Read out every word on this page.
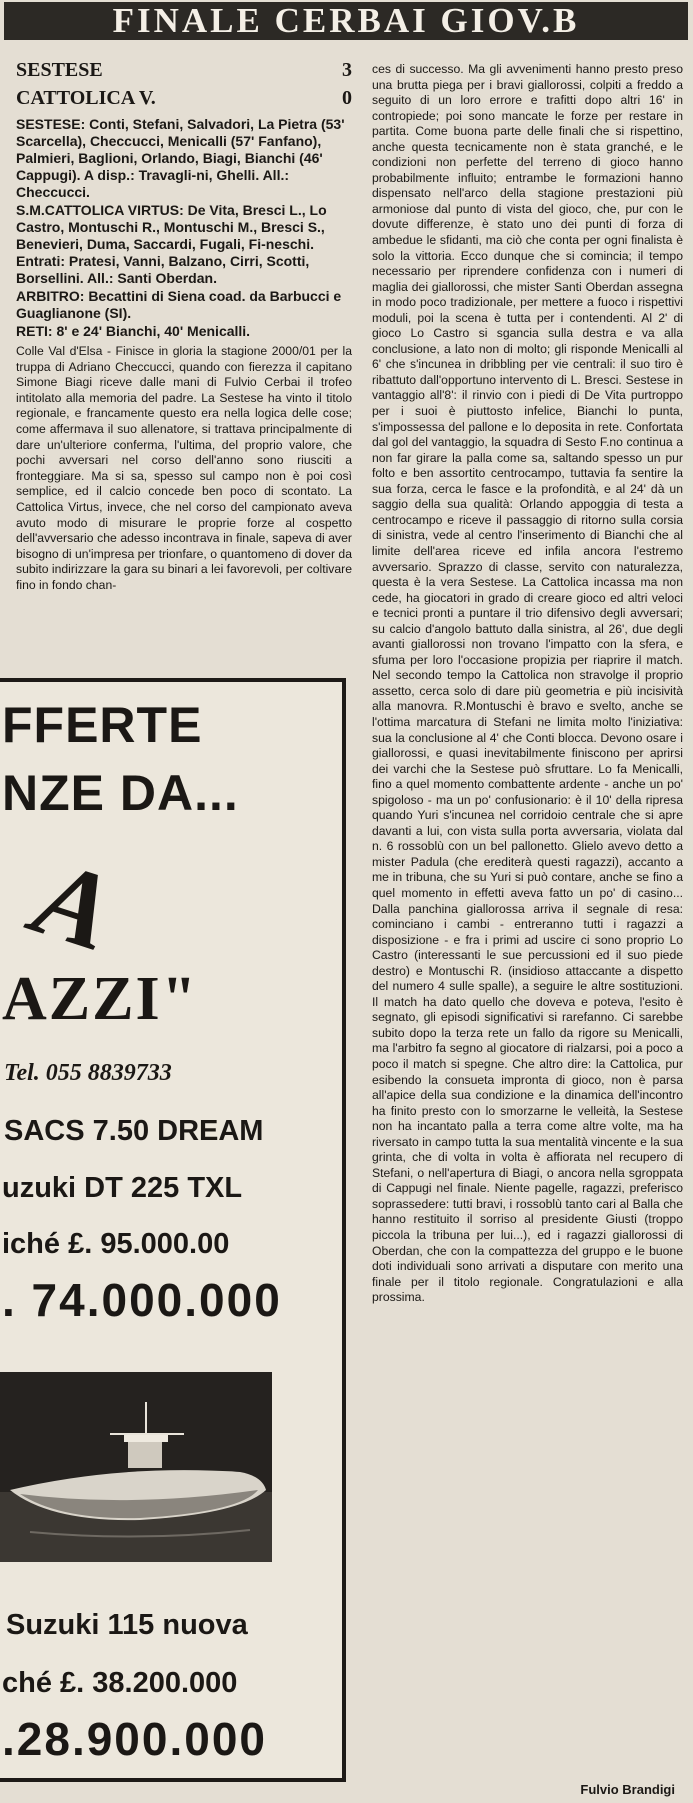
FINALE CERBAI GIOV.B
SESTESE	3
CATTOLICA V.	0

SESTESE: Conti, Stefani, Salvadori, La Pietra (53' Scarcella), Checcucci, Menicalli (57' Fanfano), Palmieri, Baglioni, Orlando, Biagi, Bianchi (46' Cappugi). A disp.: Travagli-ni, Ghelli. All.: Checcucci.

S.M.CATTOLICA VIRTUS: De Vita, Bresci L., Lo Castro, Montuschi R., Montuschi M., Bresci S., Benevieri, Duma, Saccardi, Fugali, Fi-neschi. Entrati: Pratesi, Vanni, Balzano, Cirri, Scotti, Borsellini. All.: Santi Oberdan.

ARBITRO: Becattini di Siena coad. da Barbucci e Guaglianone (SI).

RETI: 8' e 24' Bianchi, 40' Menicalli.

Colle Val d'Elsa - Finisce in gloria la stagione 2000/01 per la truppa di Adriano Checcucci, quando con fierezza il capitano Simone Biagi riceve dalle mani di Fulvio Cerbai il trofeo intitolato alla memoria del padre. La Sestese ha vinto il titolo regionale, e francamente questo era nella logica delle cose; come affermava il suo allenatore, si trattava principalmente di dare un'ulteriore conferma, l'ultima, del proprio valore, che pochi avversari nel corso dell'anno sono riusciti a fronteggiare. Ma si sa, spesso sul campo non è poi così semplice, ed il calcio concede ben poco di scontato. La Cattolica Virtus, invece, che nel corso del campionato aveva avuto modo di misurare le proprie forze al cospetto dell'avversario che adesso incontrava in finale, sapeva di aver bisogno di un'impresa per trionfare, o quantomeno di dover da subito indirizzare la gara su binari a lei favorevoli, per coltivare fino in fondo chan-
ces di successo. Ma gli avvenimenti hanno presto preso una brutta piega per i bravi giallorossi, colpiti a freddo a seguito di un loro errore e trafitti dopo altri 16' in contropiede; poi sono mancate le forze per restare in partita. Come buona parte delle finali che si rispettino, anche questa tecnicamente non è stata granché, e le condizioni non perfette del terreno di gioco hanno probabilmente influito; entrambe le formazioni hanno dispensato nell'arco della stagione prestazioni più armoniose dal punto di vista del gioco, che, pur con le dovute differenze, è stato uno dei punti di forza di ambedue le sfidanti, ma ciò che conta per ogni finalista è solo la vittoria. Ecco dunque che si comincia; il tempo necessario per riprendere confidenza con i numeri di maglia dei giallorossi, che mister Santi Oberdan assegna in modo poco tradizionale, per mettere a fuoco i rispettivi moduli, poi la scena è tutta per i contendenti. Al 2' di gioco Lo Castro si sgancia sulla destra e va alla conclusione, a lato non di molto; gli risponde Menicalli al 6' che s'incunea in dribbling per vie centrali: il suo tiro è ribattuto dall'opportuno intervento di L. Bresci. Sestese in vantaggio all'8': il rinvio con i piedi di De Vita purtroppo per i suoi è piuttosto infelice, Bianchi lo punta, s'impossessa del pallone e lo deposita in rete. Confortata dal gol del vantaggio, la squadra di Sesto F.no continua a non far girare la palla come sa, saltando spesso un pur folto e ben assortito centrocampo, tuttavia fa sentire la sua forza, cerca le fasce e la profondità, e al 24' dà un saggio della sua qualità: Orlando appoggia di testa a centrocampo e riceve il passaggio di ritorno sulla corsia di sinistra, vede al centro l'inserimento di Bianchi che al limite dell'area riceve ed infila ancora l'estremo avversario. Sprazzo di classe, servito con naturalezza, questa è la vera Sestese. La Cattolica incassa ma non cede, ha giocatori in grado di creare gioco ed altri veloci e tecnici pronti a puntare il trio difensivo degli avversari; su calcio d'angolo battuto dalla sinistra, al 26', due degli avanti giallorossi non trovano l'impatto con la sfera, e sfuma per loro l'occasione propizia per riaprire il match. Nel secondo tempo la Cattolica non stravolge il proprio assetto, cerca solo di dare più geometria e più incisività alla manovra. R.Montuschi è bravo e svelto, anche se l'ottima marcatura di Stefani ne limita molto l'iniziativa: sua la conclusione al 4' che Conti blocca. Devono osare i giallorossi, e quasi inevitabilmente finiscono per aprirsi dei varchi che la Sestese può sfruttare. Lo fa Menicalli, fino a quel momento combattente ardente - anche un po' spigoloso - ma un po' confusionario: è il 10' della ripresa quando Yuri s'incunea nel corridoio centrale che si apre davanti a lui, con vista sulla porta avversaria, violata dal n. 6 rossoblù con un bel pallonetto. Glielo avevo detto a mister Padula (che erediterà questi ragazzi), accanto a me in tribuna, che su Yuri si può contare, anche se fino a quel momento in effetti aveva fatto un po' di casino... Dalla panchina giallorossa arriva il segnale di resa: cominciano i cambi - entreranno tutti i ragazzi a disposizione - e fra i primi ad uscire ci sono proprio Lo Castro (interessanti le sue percussioni ed il suo piede destro) e Montuschi R. (insidioso attaccante a dispetto del numero 4 sulle spalle), a seguire le altre sostituzioni. Il match ha dato quello che doveva e poteva, l'esito è segnato, gli episodi significativi si rarefanno. Ci sarebbe subito dopo la terza rete un fallo da rigore su Menicalli, ma l'arbitro fa segno al giocatore di rialzarsi, poi a poco a poco il match si spegne. Che altro dire: la Cattolica, pur esibendo la consueta impronta di gioco, non è parsa all'apice della sua condizione e la dinamica dell'incontro ha finito presto con lo smorzarne le velleità, la Sestese non ha incantato palla a terra come altre volte, ma ha riversato in campo tutta la sua mentalità vincente e la sua grinta, che di volta in volta è affiorata nel recupero di Stefani, o nell'apertura di Biagi, o ancora nella sgroppata di Cappugi nel finale. Niente pagelle, ragazzi, preferisco soprassedere: tutti bravi, i rossoblù tanto cari al Balla che hanno restituito il sorriso al presidente Giusti (troppo piccola la tribuna per lui...), ed i ragazzi giallorossi di Oberdan, che con la compattezza del gruppo e le buone doti individuali sono arrivati a disputare con merito una finale per il titolo regionale. Congratulazioni e alla prossima.
Fulvio Brandigi
FFERTE
NZE DA...
A
AZZI"
Tel. 055 8839733
SACS 7.50 DREAM
uzuki DT 225 TXL
iché £. 95.000.00
. 74.000.000
Suzuki 115 nuova
ché £. 38.200.000
.28.900.000
